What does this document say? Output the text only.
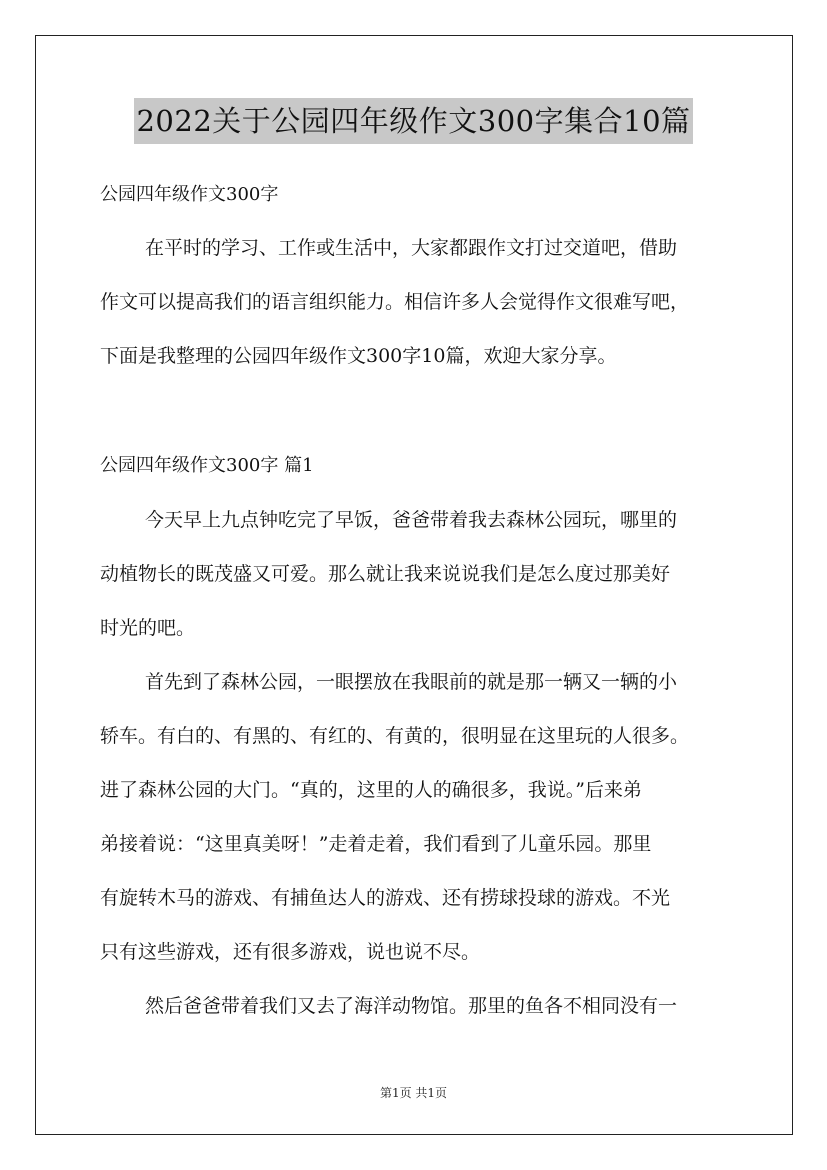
2022关于公园四年级作文300字集合10篇
公园四年级作文300字
在平时的学习、工作或生活中，大家都跟作文打过交道吧，借助
作文可以提高我们的语言组织能力。相信许多人会觉得作文很难写吧，
下面是我整理的公园四年级作文300字10篇，欢迎大家分享。
公园四年级作文300字 篇1
今天早上九点钟吃完了早饭，爸爸带着我去森林公园玩，哪里的
动植物长的既茂盛又可爱。那么就让我来说说我们是怎么度过那美好
时光的吧。
首先到了森林公园，一眼摆放在我眼前的就是那一辆又一辆的小
轿车。有白的、有黑的、有红的、有黄的，很明显在这里玩的人很多。
进了森林公园的大门。“真的，这里的人的确很多，我说。”后来弟
弟接着说：“这里真美呀！”走着走着，我们看到了儿童乐园。那里
有旋转木马的游戏、有捕鱼达人的游戏、还有捞球投球的游戏。不光
只有这些游戏，还有很多游戏，说也说不尽。
然后爸爸带着我们又去了海洋动物馆。那里的鱼各不相同没有一
第1页 共1页
